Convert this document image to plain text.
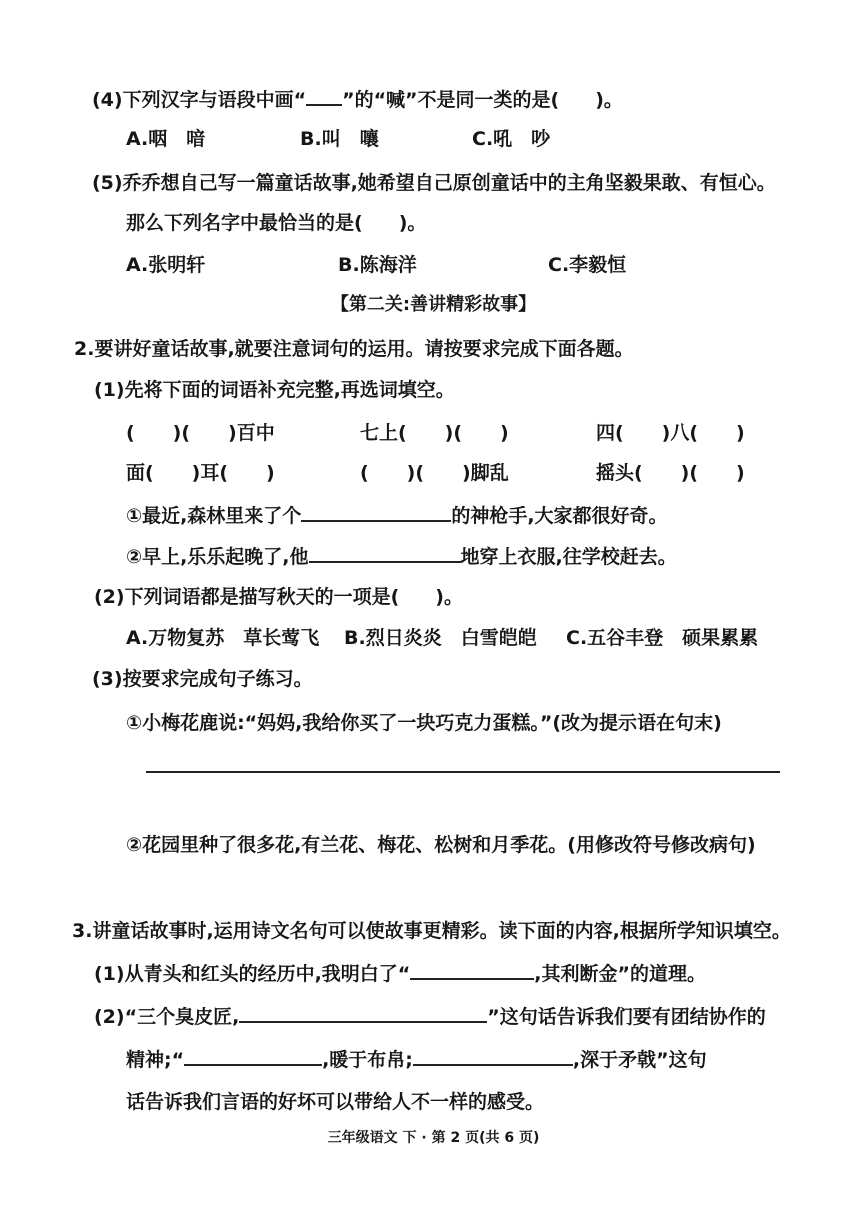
(4)下列汉字与语段中画“ ”的“喊”不是同一类的是( )。
A.咽　喑	B.叫　嚷	C.吼　吵
(5)乔乔想自己写一篇童话故事,她希望自己原创童话中的主角坚毅果敢、有恒心。
那么下列名字中最恰当的是( )。
A.张明轩	B.陈海洋	C.李毅恒
【第二关:善讲精彩故事】
2.要讲好童话故事,就要注意词句的运用。请按要求完成下面各题。
(1)先将下面的词语补充完整,再选词填空。
(　　)(　　)百中	七上(　　)(　　)	四(　　)八(　　)
面(　　)耳(　　)	(　　)(　　)脚乱	摇头(　　)(　　)
①最近,森林里来了个	的神枪手,大家都很好奇。
②早上,乐乐起晚了,他	地穿上衣服,往学校赶去。
(2)下列词语都是描写秋天的一项是( )。
A.万物复苏　草长莺飞 B.烈日炎炎　白雪皑皑 C.五谷丰登　硕果累累
(3)按要求完成句子练习。
①小梅花鹿说:“妈妈,我给你买了一块巧克力蛋糕。”(改为提示语在句末)
②花园里种了很多花,有兰花、梅花、松树和月季花。(用修改符号修改病句)
3.讲童话故事时,运用诗文名句可以使故事更精彩。读下面的内容,根据所学知识填空。
(1)从青头和红头的经历中,我明白了“	,其利断金”的道理。
(2)“三个臭皮匠,	”这句话告诉我们要有团结协作的
精神;“	,暖于布帛;	,深于矛戟”这句
话告诉我们言语的好坏可以带给人不一样的感受。
三年级语文 下 · 第 2 页(共 6 页)
